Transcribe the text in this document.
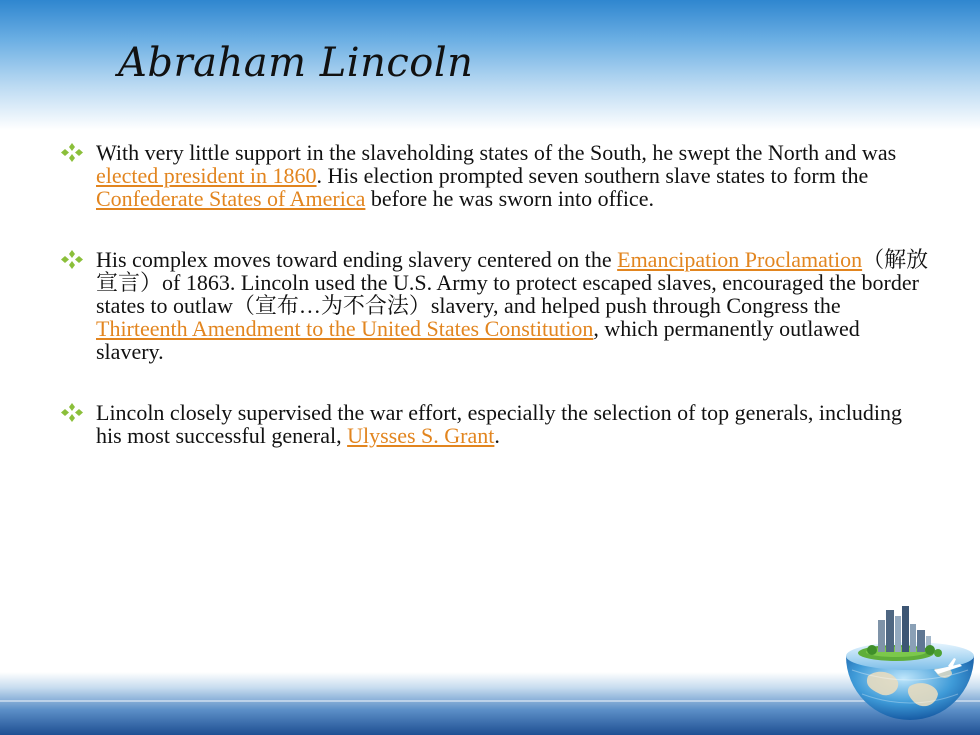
Abraham Lincoln
With very little support in the slaveholding states of the South, he swept the North and was elected president in 1860. His election prompted seven southern slave states to form the Confederate States of America before he was sworn into office.
His complex moves toward ending slavery centered on the Emancipation Proclamation（解放宣言）of 1863. Lincoln used the U.S. Army to protect escaped slaves, encouraged the border states to outlaw（宣布…为不合法）slavery, and helped push through Congress the Thirteenth Amendment to the United States Constitution, which permanently outlawed slavery.
Lincoln closely supervised the war effort, especially the selection of top generals, including his most successful general, Ulysses S. Grant.
